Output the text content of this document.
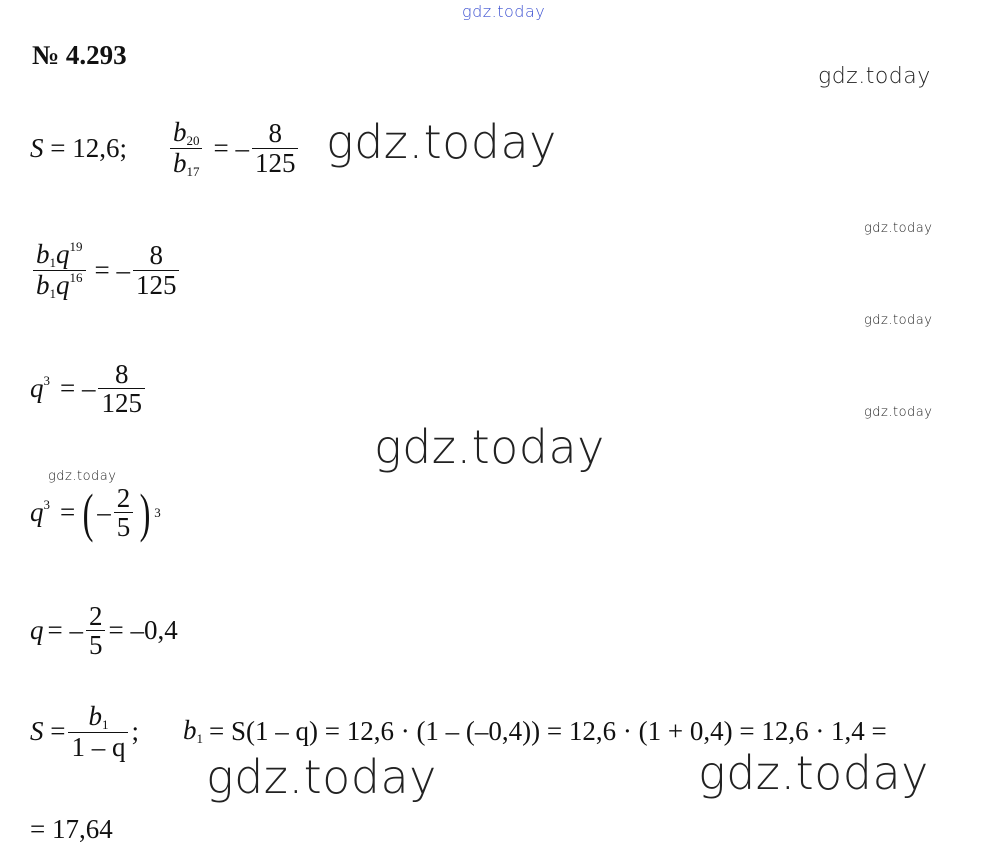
gdz.today
gdz.today
gdz.today
gdz.today
gdz.today
gdz.today
gdz.today
gdz.today
gdz.today	gdz.today
№ 4.293
S = 12,6; $\frac{b_{20}}{b_{17}}$ = – $\frac{8}{125}$
$\frac{b_1q^{19}}{b_1q^{16}}$ = – $\frac{8}{125}$
$q^3$ = – $\frac{8}{125}$
$q^3$ = ( – $\frac{2}{5}$ ) 3
q = – $\frac{2}{5} = -0,4$
$S = \frac{b_1}{1 - q}$ ; $b_1 = S(1 - q) = 12,6 \cdot (1 - (-0,4)) = 12,6 \cdot (1 + 0,4) = 12,6 \cdot 1,4$ =
= 17,64
